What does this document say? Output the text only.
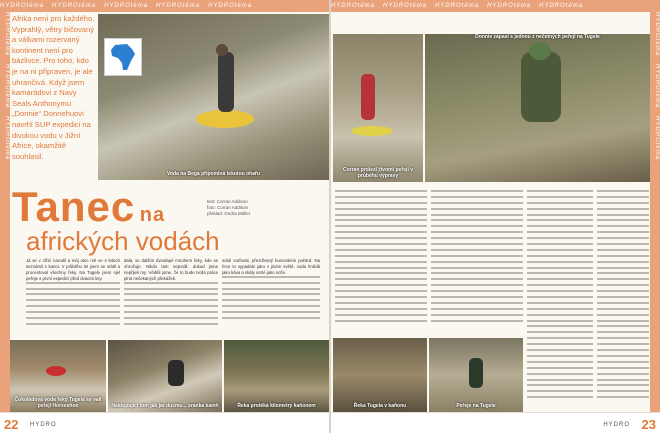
HYDROtéma HYDROtéma HYDROtéma HYDROtéma HYDROtéma
HYDROtéma   HYDROtéma   HYDROtéma
Afrika není pro každého. Vyprahlý, větry bičovaný a válkami rozervaný kontinent není pro bázlivce. Pro toho, kdo je na ni připraven, je ale uhrančivá. Když jsem kamarádovi z Navy Seals Anthonymu „Donnie“ Donnehuovi navrhl SUP expedici na divokou vodu v Jižní Africe, okamžitě souhlasil.
Voda na Bega připomíná tekutou ohařu
Tanec na
afrických vodách
text: Corran Addison
foto: Corran Addison
překlad: Ondra Müller
Já se v Jižní narodil a můj otec mě ve 4 letech seznámil s kanoi. V průběhu let jsem se vrátil a procestoval všechny řeky. Na Tugele jsem sjel peřeje s první expedicí před dvaceti lety.
dala, se dalším dvoulapé mnohem řeky, kde se ohrožuje. Nikdo tam nejezdil, dokud jsme nepřijeli my. Věděli jsme, že to bude tvrdá práce plná nečekaných překážek.
sobě surfovat, přezdívaný buvorském pohled. Na řece to vypadalo jako v jiném světě, voda hnědá jako káva a skály ostré jako nože.
Čokoládová voda řeky Tugela se valí peřejí Horseshoe	Nastupující tom ják jar ducmu... sranka kainh	Řeka protéká kilometry kaňonem
22 HYDRO
HYDROtéma HYDROtéma HYDROtéma HYDROtéma HYDROtéma
HYDROtéma   HYDROtéma   HYDROtéma
Corran prolezl životní peřejí v průběhu výpravy
Donnie zápasí s jednou z nečetných peřejí na Tugele
Řeka Tugela v kaňonu	Peřeje na Tugele
HYDRO 23
